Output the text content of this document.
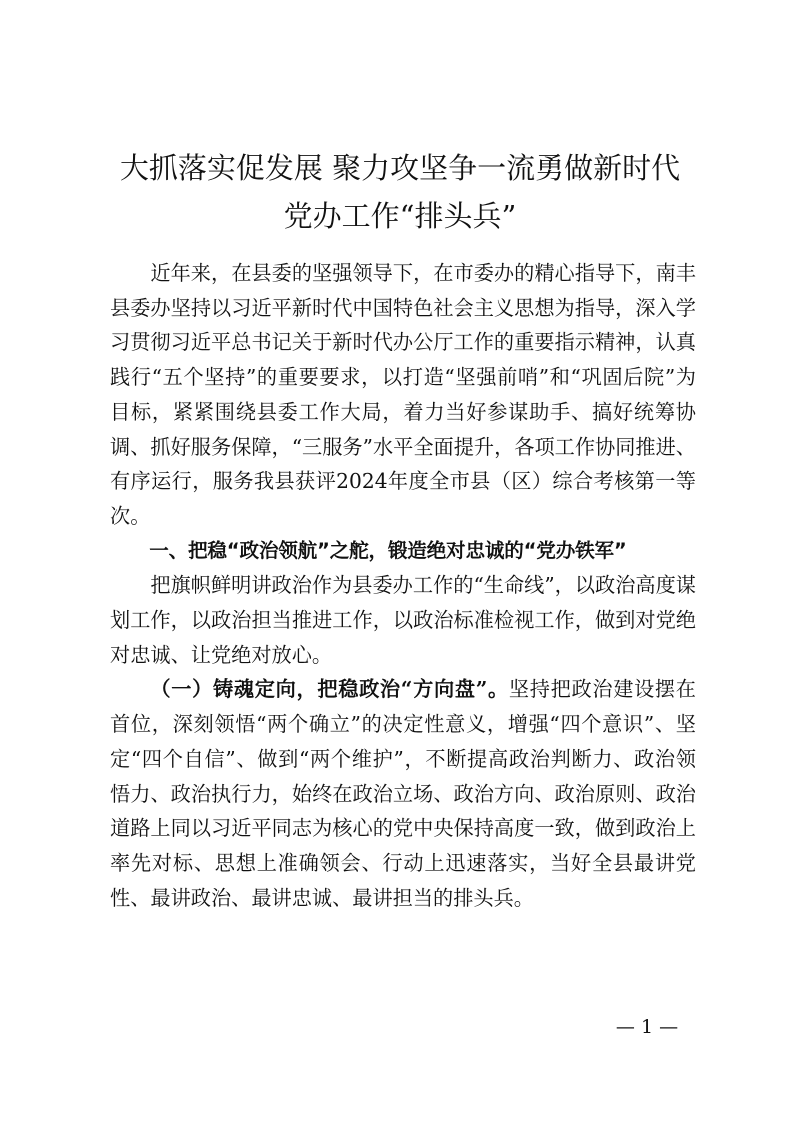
大抓落实促发展 聚力攻坚争一流勇做新时代
党办工作“排头兵”

近年来，在县委的坚强领导下，在市委办的精心指导下，南丰县委办坚持以习近平新时代中国特色社会主义思想为指导，深入学习贯彻习近平总书记关于新时代办公厅工作的重要指示精神，认真践行“五个坚持”的重要要求，以打造“坚强前哨”和“巩固后院”为目标，紧紧围绕县委工作大局，着力当好参谋助手、搞好统筹协调、抓好服务保障，“三服务”水平全面提升，各项工作协同推进、有序运行，服务我县获评2024年度全市县（区）综合考核第一等次。

一、把稳“政治领航”之舵，锻造绝对忠诚的“党办铁军”

把旗帜鲜明讲政治作为县委办工作的“生命线”，以政治高度谋划工作，以政治担当推进工作，以政治标准检视工作，做到对党绝对忠诚、让党绝对放心。

（一）铸魂定向，把稳政治“方向盘”。坚持把政治建设摆在首位，深刻领悟“两个确立”的决定性意义，增强“四个意识”、坚定“四个自信”、做到“两个维护”，不断提高政治判断力、政治领悟力、政治执行力，始终在政治立场、政治方向、政治原则、政治道路上同以习近平同志为核心的党中央保持高度一致，做到政治上率先对标、思想上准确领会、行动上迅速落实，当好全县最讲党性、最讲政治、最讲忠诚、最讲担当的排头兵。

— 1 —
